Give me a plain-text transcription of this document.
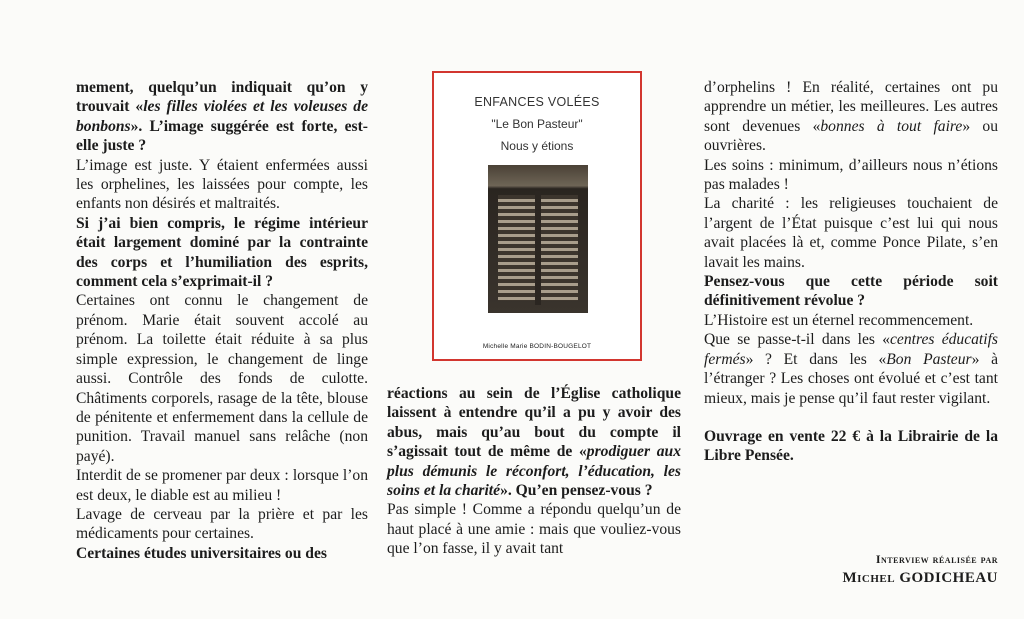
mement, quelqu’un indiquait qu’on y trouvait «les filles violées et les voleuses de bonbons». L’image suggérée est forte, est-elle juste ?

L’image est juste. Y étaient enfermées aussi les orphelines, les laissées pour compte, les enfants non désirés et maltraités.

Si j’ai bien compris, le régime intérieur était largement dominé par la contrainte des corps et l’humiliation des esprits, comment cela s’exprimait-il ?

Certaines ont connu le changement de prénom. Marie était souvent accolé au prénom. La toilette était réduite à sa plus simple expression, le changement de linge aussi. Contrôle des fonds de culotte. Châtiments corporels, rasage de la tête, blouse de pénitente et enfermement dans la cellule de punition. Travail manuel sans relâche (non payé).

Interdit de se promener par deux : lorsque l’on est deux, le diable est au milieu !

Lavage de cerveau par la prière et par les médicaments pour certaines.

Certaines études universitaires ou des

ENFANCES VOLÉES
"Le Bon Pasteur"
Nous y étions
Michelle Marie BODIN-BOUGELOT

réactions au sein de l’Église catholique laissent à entendre qu’il a pu y avoir des abus, mais qu’au bout du compte il s’agissait tout de même de «prodiguer aux plus démunis le réconfort, l’éducation, les soins et la charité». Qu’en pensez-vous ?

Pas simple ! Comme a répondu quelqu’un de haut placé à une amie : mais que vouliez-vous que l’on fasse, il y avait tant

d’orphelins ! En réalité, certaines ont pu apprendre un métier, les meilleures. Les autres sont devenues «bonnes à tout faire» ou ouvrières.

Les soins : minimum, d’ailleurs nous n’étions pas malades !

La charité : les religieuses touchaient de l’argent de l’État puisque c’est lui qui nous avait placées là et, comme Ponce Pilate, s’en lavait les mains.

Pensez-vous que cette période soit définitivement révolue ?

L’Histoire est un éternel recommencement.

Que se passe-t-il dans les «centres éducatifs fermés» ? Et dans les «Bon Pasteur» à l’étranger ? Les choses ont évolué et c’est tant mieux, mais je pense qu’il faut rester vigilant.

Ouvrage en vente 22 € à la Librairie de la Libre Pensée.

Interview réalisée par
Michel GODICHEAU
